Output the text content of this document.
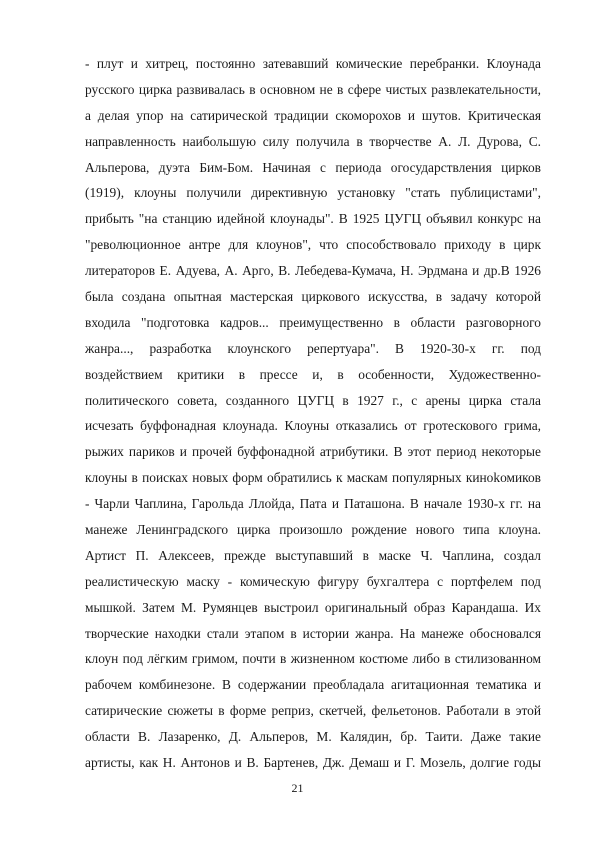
- плут и хитрец, постоянно затевавший комические перебранки. Клоунада
русского цирка развивалась в основном не в сфере чистых развлекательности,
а делая упор на сатирической традиции скоморохов и шутов. Критическая
направленность наибольшую силу получила в творчестве А. Л. Дурова, С.
Альперова, дуэта Бим-Бом. Начиная с периода огосударствления цирков
(1919), клоуны получили директивную установку "стать публицистами",
прибыть "на станцию идейной клоунады". В 1925 ЦУГЦ объявил конкурс на
"революционное антре для клоунов", что способствовало приходу в цирк
литераторов Е. Адуева, А. Арго, В. Лебедева-Кумача, Н. Эрдмана и др.В 1926
была создана опытная мастерская циркового искусства, в задачу которой
входила "подготовка кадров... преимущественно в области разговорного
жанра..., разработка клоунского репертуара". В 1920-30-х гг. под
воздействием критики в прессе и, в особенности, Художественно-
политического совета, созданного ЦУГЦ в 1927 г., с арены цирка стала
исчезать буффонадная клоунада. Клоуны отказались от гротескового грима,
рыжих париков и прочей буффонадной атрибутики. В этот период некоторые
клоуны в поисках новых форм обратились к маскам популярных киноkомиков
- Чарли Чаплина, Гарольда Ллойда, Пата и Паташона. В начале 1930-х гг. на
манеже Ленинградского цирка произошло рождение нового типа клоуна.
Артист П. Алексеев, прежде выступавший в маске Ч. Чаплина, создал
реалистическую маску - комическую фигуру бухгалтера с портфелем под
мышкой. Затем М. Румянцев выстроил оригинальный образ Карандаша. Их
творческие находки стали этапом в истории жанра. На манеже обосновался
клоун под лёгким гримом, почти в жизненном костюме либо в стилизованном
рабочем комбинезоне. В содержании преобладала агитационная тематика и
сатирические сюжеты в форме реприз, скетчей, фельетонов. Работали в этой
области В. Лазаренко, Д. Альперов, М. Калядин, бр. Таити. Даже такие
артисты, как Н. Антонов и В. Бартенев, Дж. Демаш и Г. Мозель, долгие годы
21
